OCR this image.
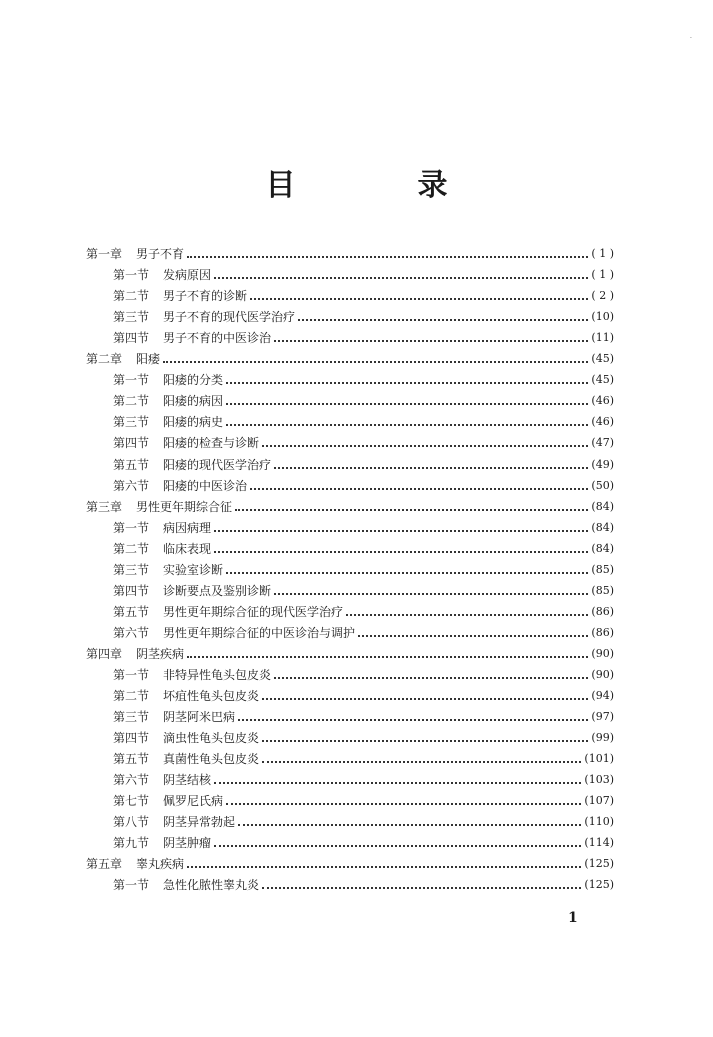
·
目　录
第一章 男子不育	( 1 )
第一节 发病原因	( 1 )
第二节 男子不育的诊断	( 2 )
第三节 男子不育的现代医学治疗	(10)
第四节 男子不育的中医诊治	(11)
第二章 阳痿	(45)
第一节 阳痿的分类	(45)
第二节 阳痿的病因	(46)
第三节 阳痿的病史	(46)
第四节 阳痿的检查与诊断	(47)
第五节 阳痿的现代医学治疗	(49)
第六节 阳痿的中医诊治	(50)
第三章 男性更年期综合征	(84)
第一节 病因病理	(84)
第二节 临床表现	(84)
第三节 实验室诊断	(85)
第四节 诊断要点及鉴别诊断	(85)
第五节 男性更年期综合征的现代医学治疗	(86)
第六节 男性更年期综合征的中医诊治与调护	(86)
第四章 阴茎疾病	(90)
第一节 非特异性龟头包皮炎	(90)
第二节 坏疽性龟头包皮炎	(94)
第三节 阴茎阿米巴病	(97)
第四节 滴虫性龟头包皮炎	(99)
第五节 真菌性龟头包皮炎	(101)
第六节 阴茎结核	(103)
第七节 佩罗尼氏病	(107)
第八节 阴茎异常勃起	(110)
第九节 阴茎肿瘤	(114)
第五章 睾丸疾病	(125)
第一节 急性化脓性睾丸炎	(125)
1
